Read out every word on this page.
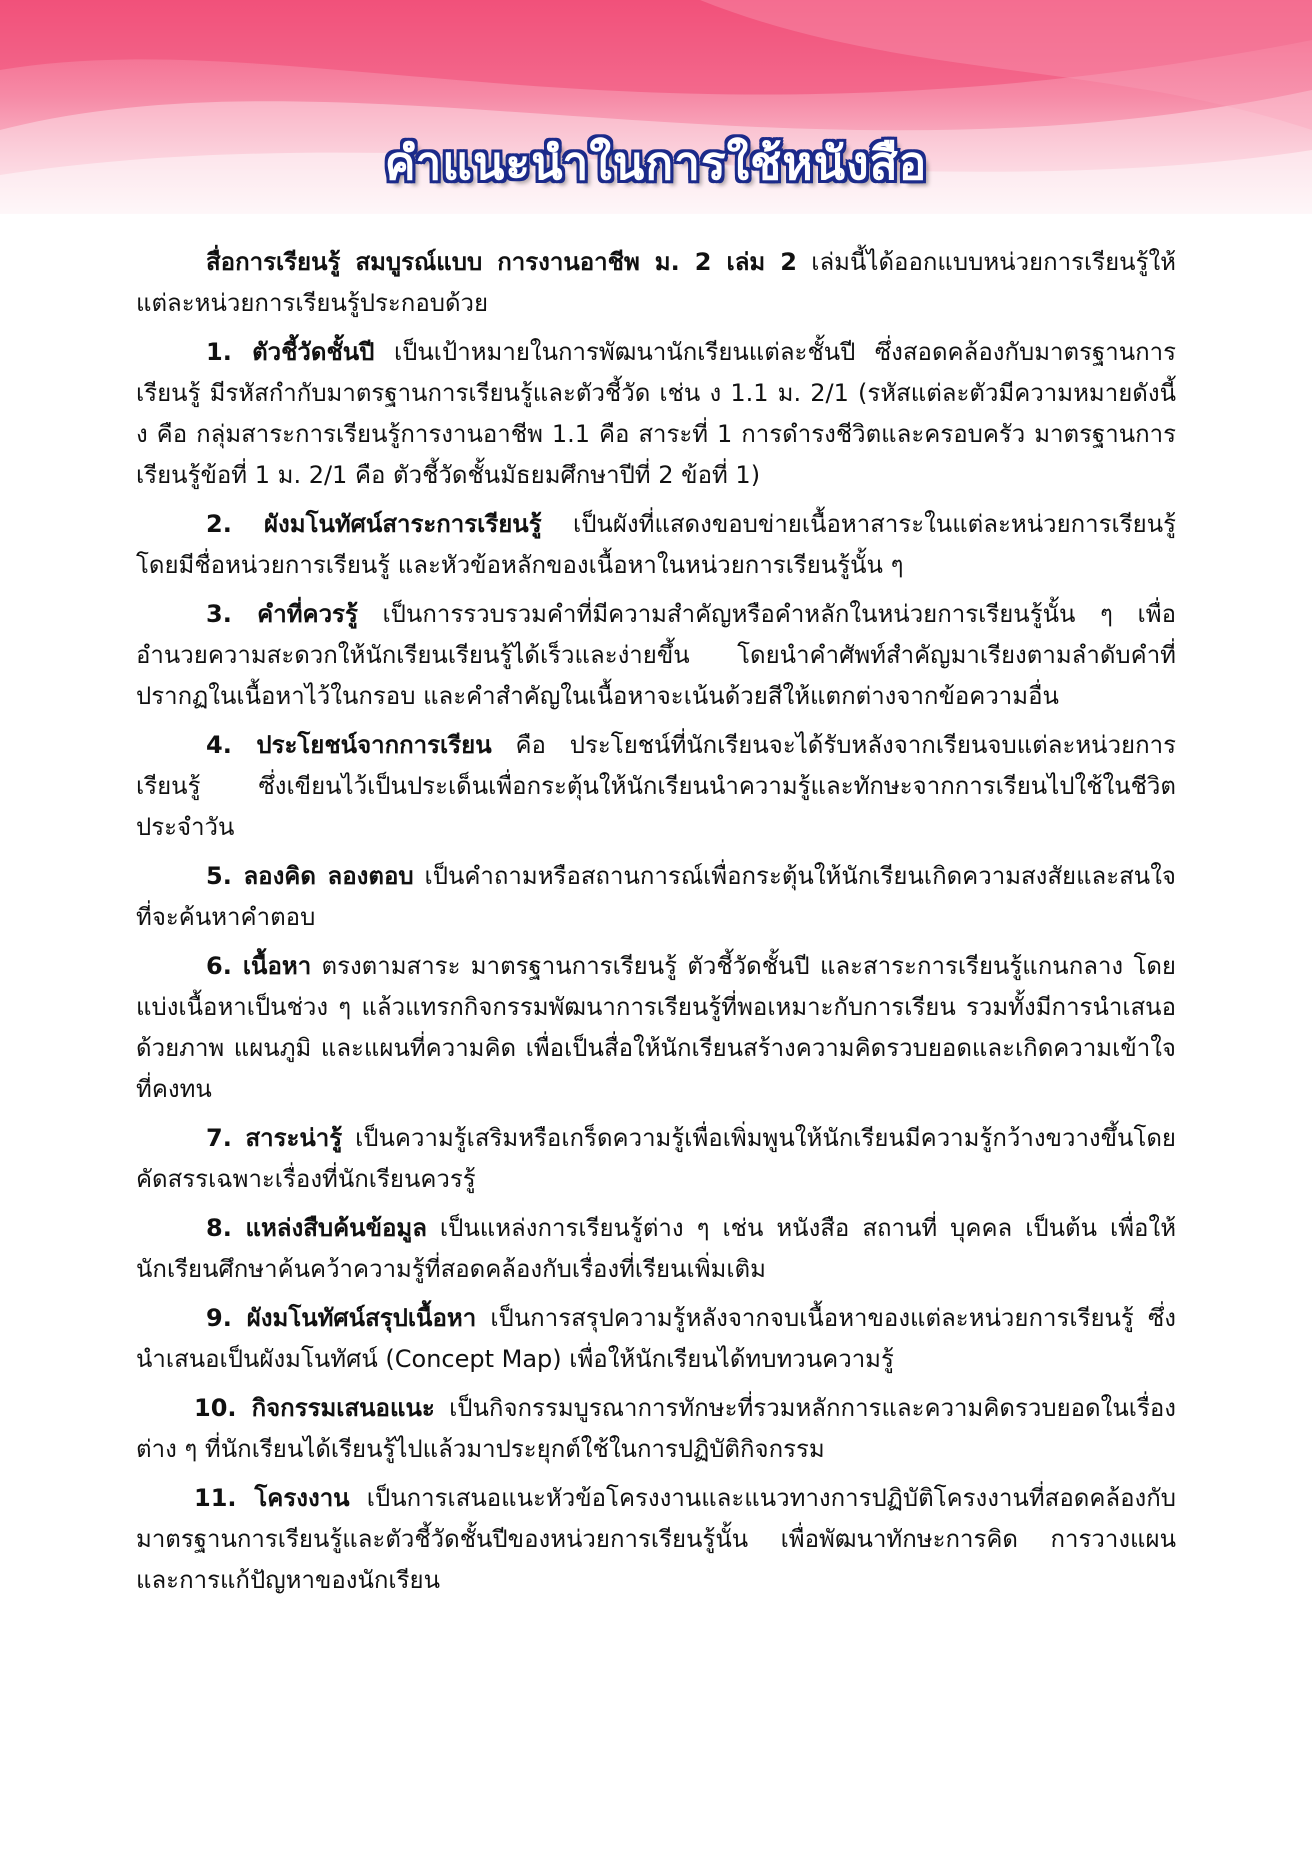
คำแนะนำในการใช้หนังสือ

สื่อการเรียนรู้ สมบูรณ์แบบ การงานอาชีพ ม. 2 เล่ม 2 เล่มนี้ได้ออกแบบหน่วยการเรียนรู้ให้แต่ละหน่วยการเรียนรู้ประกอบด้วย

1. ตัวชี้วัดชั้นปี เป็นเป้าหมายในการพัฒนานักเรียนแต่ละชั้นปี ซึ่งสอดคล้องกับมาตรฐานการเรียนรู้ มีรหัสกำกับมาตรฐานการเรียนรู้และตัวชี้วัด เช่น ง 1.1 ม. 2/1 (รหัสแต่ละตัวมีความหมายดังนี้ ง คือ กลุ่มสาระการเรียนรู้การงานอาชีพ 1.1 คือ สาระที่ 1 การดำรงชีวิตและครอบครัว มาตรฐานการเรียนรู้ข้อที่ 1 ม. 2/1 คือ ตัวชี้วัดชั้นมัธยมศึกษาปีที่ 2 ข้อที่ 1)

2. ผังมโนทัศน์สาระการเรียนรู้ เป็นผังที่แสดงขอบข่ายเนื้อหาสาระในแต่ละหน่วยการเรียนรู้ โดยมีชื่อหน่วยการเรียนรู้ และหัวข้อหลักของเนื้อหาในหน่วยการเรียนรู้นั้น ๆ

3. คำที่ควรรู้ เป็นการรวบรวมคำที่มีความสำคัญหรือคำหลักในหน่วยการเรียนรู้นั้น ๆ เพื่ออำนวยความสะดวกให้นักเรียนเรียนรู้ได้เร็วและง่ายขึ้น โดยนำคำศัพท์สำคัญมาเรียงตามลำดับคำที่ปรากฏในเนื้อหาไว้ในกรอบ และคำสำคัญในเนื้อหาจะเน้นด้วยสีให้แตกต่างจากข้อความอื่น

4. ประโยชน์จากการเรียน คือ ประโยชน์ที่นักเรียนจะได้รับหลังจากเรียนจบแต่ละหน่วยการเรียนรู้ ซึ่งเขียนไว้เป็นประเด็นเพื่อกระตุ้นให้นักเรียนนำความรู้และทักษะจากการเรียนไปใช้ในชีวิตประจำวัน

5. ลองคิด ลองตอบ เป็นคำถามหรือสถานการณ์เพื่อกระตุ้นให้นักเรียนเกิดความสงสัยและสนใจที่จะค้นหาคำตอบ

6. เนื้อหา ตรงตามสาระ มาตรฐานการเรียนรู้ ตัวชี้วัดชั้นปี และสาระการเรียนรู้แกนกลาง โดยแบ่งเนื้อหาเป็นช่วง ๆ แล้วแทรกกิจกรรมพัฒนาการเรียนรู้ที่พอเหมาะกับการเรียน รวมทั้งมีการนำเสนอด้วยภาพ แผนภูมิ และแผนที่ความคิด เพื่อเป็นสื่อให้นักเรียนสร้างความคิดรวบยอดและเกิดความเข้าใจที่คงทน

7. สาระน่ารู้ เป็นความรู้เสริมหรือเกร็ดความรู้เพื่อเพิ่มพูนให้นักเรียนมีความรู้กว้างขวางขึ้นโดยคัดสรรเฉพาะเรื่องที่นักเรียนควรรู้

8. แหล่งสืบค้นข้อมูล เป็นแหล่งการเรียนรู้ต่าง ๆ เช่น หนังสือ สถานที่ บุคคล เป็นต้น เพื่อให้นักเรียนศึกษาค้นคว้าความรู้ที่สอดคล้องกับเรื่องที่เรียนเพิ่มเติม

9. ผังมโนทัศน์สรุปเนื้อหา เป็นการสรุปความรู้หลังจากจบเนื้อหาของแต่ละหน่วยการเรียนรู้ ซึ่งนำเสนอเป็นผังมโนทัศน์ (Concept Map) เพื่อให้นักเรียนได้ทบทวนความรู้

10. กิจกรรมเสนอแนะ เป็นกิจกรรมบูรณาการทักษะที่รวมหลักการและความคิดรวบยอดในเรื่องต่าง ๆ ที่นักเรียนได้เรียนรู้ไปแล้วมาประยุกต์ใช้ในการปฏิบัติกิจกรรม

11. โครงงาน เป็นการเสนอแนะหัวข้อโครงงานและแนวทางการปฏิบัติโครงงานที่สอดคล้องกับมาตรฐานการเรียนรู้และตัวชี้วัดชั้นปีของหน่วยการเรียนรู้นั้น เพื่อพัฒนาทักษะการคิด การวางแผน และการแก้ปัญหาของนักเรียน
